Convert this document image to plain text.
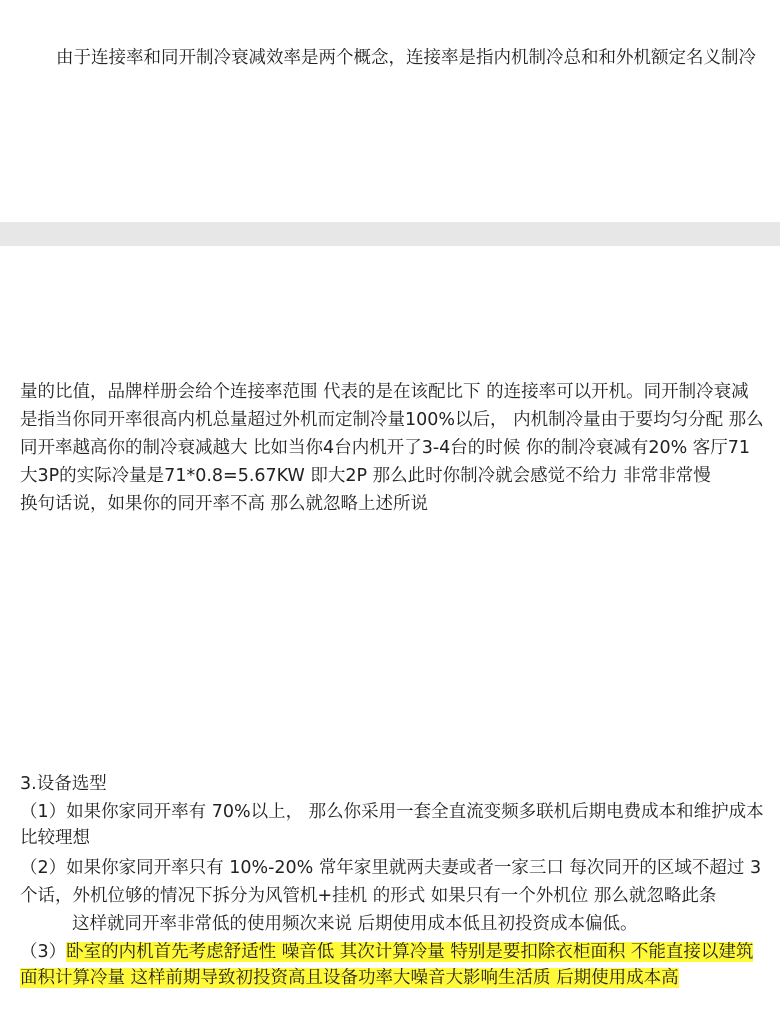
由于连接率和同开制冷衰减效率是两个概念，连接率是指内机制冷总和和外机额定名义制冷
量的比值，品牌样册会给个连接率范围 代表的是在该配比下 的连接率可以开机。同开制冷衰减
是指当你同开率很高内机总量超过外机而定制冷量100%以后， 内机制冷量由于要均匀分配 那么
同开率越高你的制冷衰减越大 比如当你4台内机开了3-4台的时候 你的制冷衰减有20% 客厅71
大3P的实际冷量是71*0.8=5.67KW 即大2P 那么此时你制冷就会感觉不给力 非常非常慢
换句话说，如果你的同开率不高 那么就忽略上述所说
3.设备选型
（1）如果你家同开率有 70%以上， 那么你采用一套全直流变频多联机后期电费成本和维护成本
比较理想
（2）如果你家同开率只有 10%-20% 常年家里就两夫妻或者一家三口 每次同开的区域不超过 3
个话，外机位够的情况下拆分为风管机+挂机 的形式 如果只有一个外机位 那么就忽略此条
这样就同开率非常低的使用频次来说 后期使用成本低且初投资成本偏低。
（3）卧室的内机首先考虑舒适性 噪音低 其次计算冷量 特别是要扣除衣柜面积 不能直接以建筑
面积计算冷量 这样前期导致初投资高且设备功率大噪音大影响生活质 后期使用成本高
